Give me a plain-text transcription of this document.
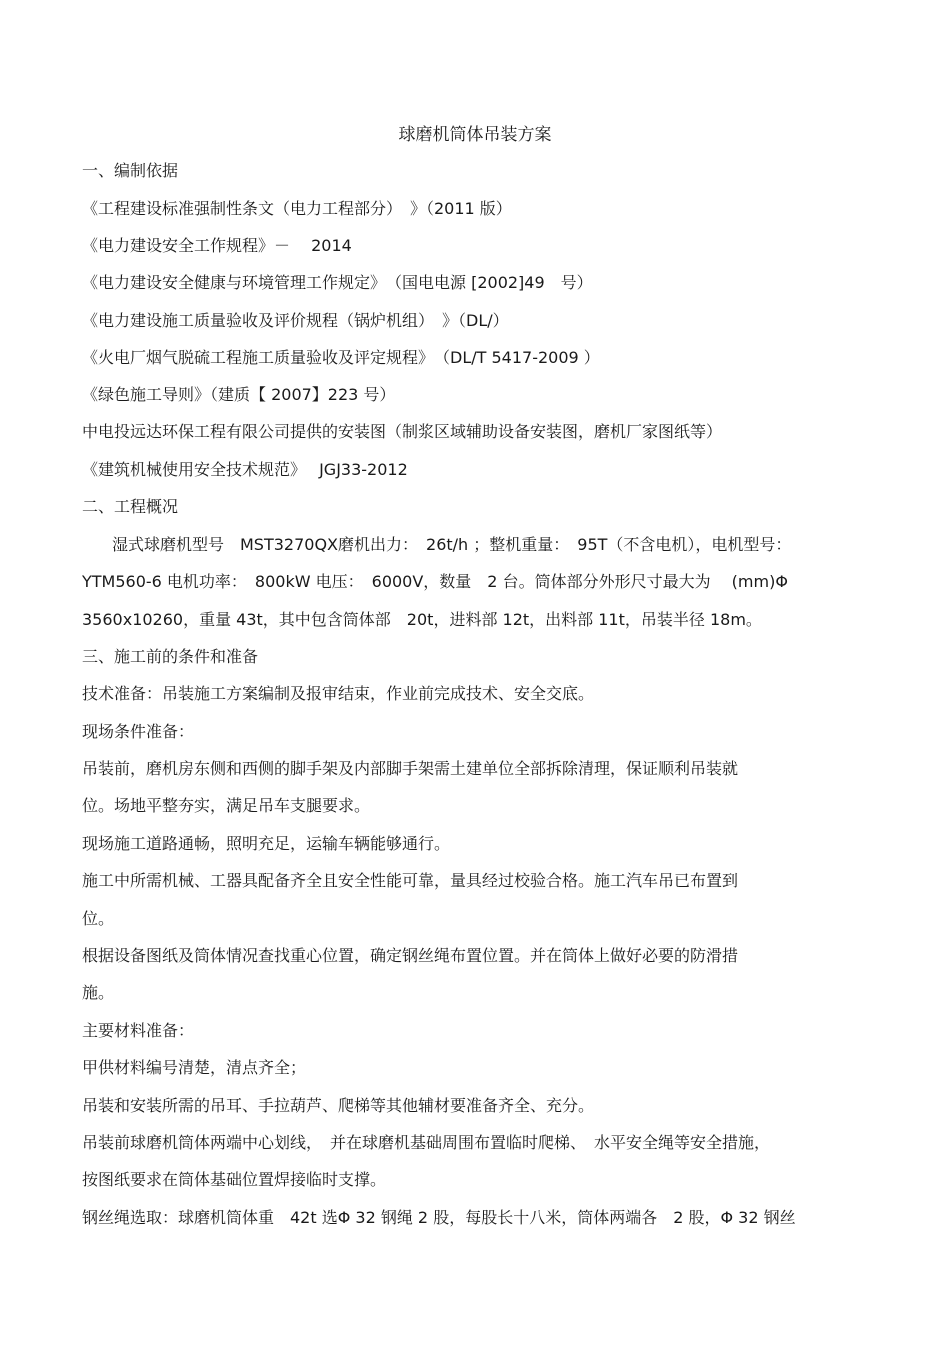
球磨机筒体吊装方案
一、编制依据
《工程建设标准强制性条文（电力工程部分）　》（2011 版）
《电力建设安全工作规程》－　 2014
《电力建设安全健康与环境管理工作规定》　（国电电源 [2002]49　号）
《电力建设施工质量验收及评价规程（锅炉机组）　》（DL/）
《火电厂烟气脱硫工程施工质量验收及评定规程》　（DL/T 5417-2009 ）
《绿色施工导则》（建质【 2007】223 号）
中电投远达环保工程有限公司提供的安装图（制浆区域辅助设备安装图，磨机厂家图纸等）
《建筑机械使用安全技术规范》　 JGJ33-2012
二、工程概况
湿式球磨机型号　MST3270QX磨机出力：　26t/h ；整机重量：　95T（不含电机），电机型号：
YTM560-6 电机功率：　800kW 电压：　6000V，数量　2 台。筒体部分外形尺寸最大为　 (mm)Φ
3560x10260，重量 43t，其中包含筒体部　20t，进料部 12t，出料部 11t，吊装半径 18m。
三、施工前的条件和准备
技术准备：吊装施工方案编制及报审结束，作业前完成技术、安全交底。
现场条件准备：
吊装前，磨机房东侧和西侧的脚手架及内部脚手架需土建单位全部拆除清理，保证顺利吊装就
位。场地平整夯实，满足吊车支腿要求。
现场施工道路通畅，照明充足，运输车辆能够通行。
施工中所需机械、工器具配备齐全且安全性能可靠，量具经过校验合格。施工汽车吊已布置到
位。
根据设备图纸及筒体情况查找重心位置，确定钢丝绳布置位置。并在筒体上做好必要的防滑措
施。
主要材料准备：
甲供材料编号清楚，清点齐全；
吊装和安装所需的吊耳、手拉葫芦、爬梯等其他辅材要准备齐全、充分。
吊装前球磨机筒体两端中心划线，　并在球磨机基础周围布置临时爬梯、　水平安全绳等安全措施，
按图纸要求在筒体基础位置焊接临时支撑。
钢丝绳选取：球磨机筒体重　42t 选Φ 32 钢绳 2 股，每股长十八米，筒体两端各　2 股，Φ 32 钢丝
